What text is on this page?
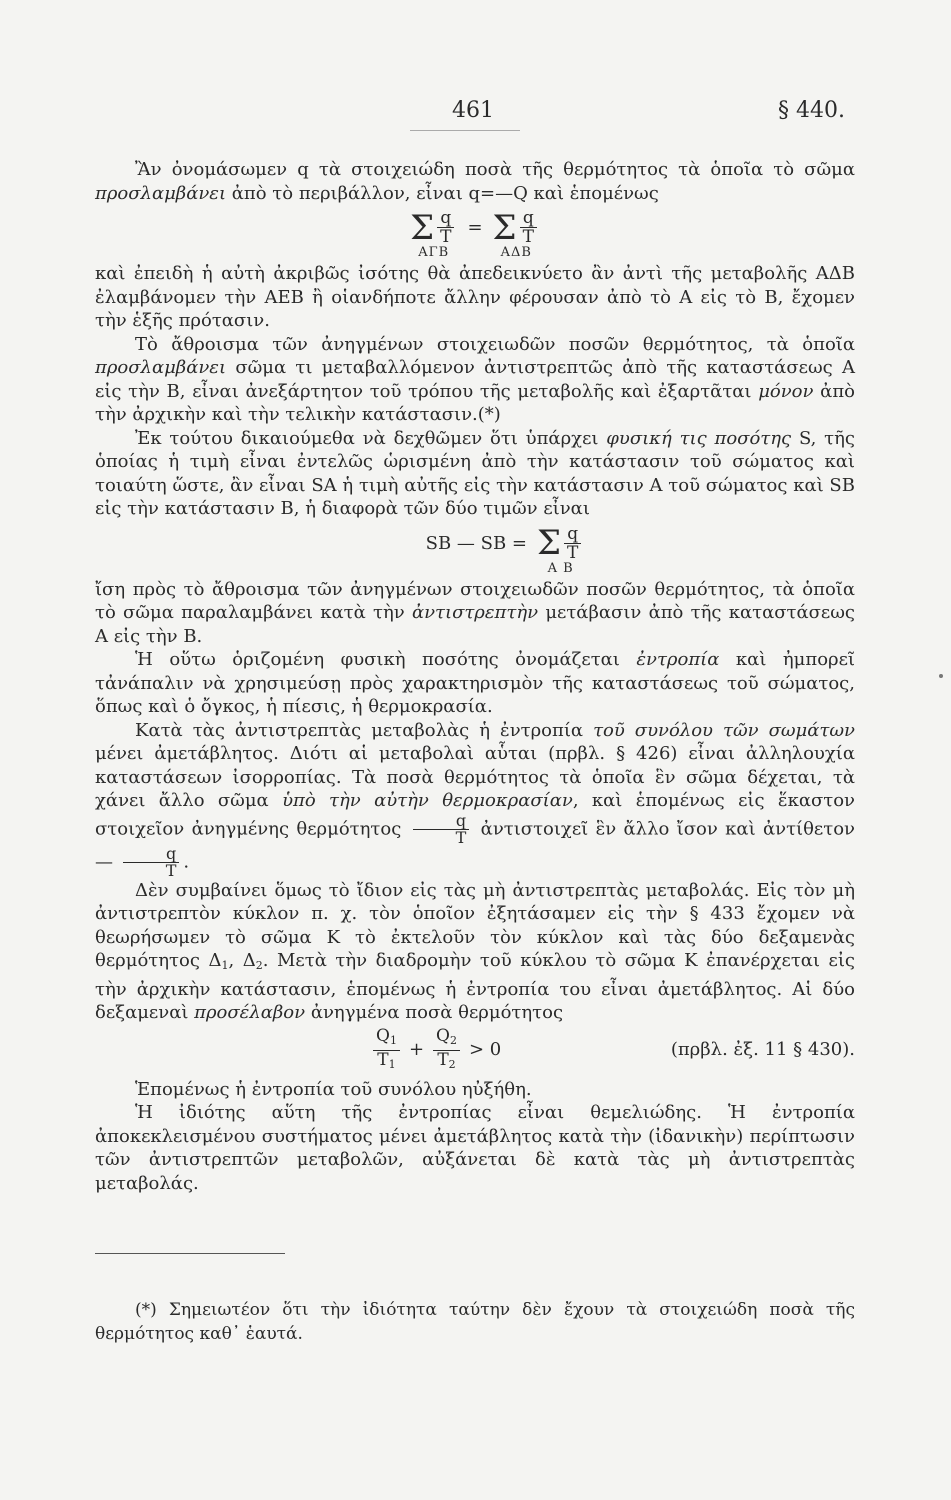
461	§ 440.

Ἂν ὀνομάσωμεν q τὰ στοιχειώδη ποσὰ τῆς θερμότητος τὰ ὁποῖα τὸ σῶμα προσλαμβάνει ἀπὸ τὸ περιβάλλον, εἶναι q=—Q καὶ ἑπομένως

Σ $\frac{q}{T}$
ΑΓΒ
= Σ $\frac{q}{T}$
ΑΔΒ

καὶ ἐπειδὴ ἡ αὐτὴ ἀκριβῶς ἰσότης θὰ ἀπεδεικνύετο ἂν ἀντὶ τῆς μεταβολῆς ΑΔΒ ἐλαμβάνομεν τὴν ΑΕΒ ἢ οἱανδήποτε ἄλλην φέρουσαν ἀπὸ τὸ Α εἰς τὸ Β, ἔχομεν τὴν ἑξῆς πρότασιν.

Τὸ ἄθροισμα τῶν ἀνηγμένων στοιχειωδῶν ποσῶν θερμότητος, τὰ ὁποῖα προσλαμβάνει σῶμα τι μεταβαλλόμενον ἀντιστρεπτῶς ἀπὸ τῆς καταστάσεως Α εἰς τὴν Β, εἶναι ἀνεξάρτητον τοῦ τρόπου τῆς μεταβολῆς καὶ ἐξαρτᾶται μόνον ἀπὸ τὴν ἀρχικὴν καὶ τὴν τελικὴν κατάστασιν.(*)

Ἐκ τούτου δικαιούμεθα νὰ δεχθῶμεν ὅτι ὑπάρχει φυσική τις ποσότης S, τῆς ὁποίας ἡ τιμὴ εἶναι ἐντελῶς ὡρισμένη ἀπὸ τὴν κατάστασιν τοῦ σώματος καὶ τοιαύτη ὥστε, ἂν εἶναι SA ἡ τιμὴ αὐτῆς εἰς τὴν κατάστασιν Α τοῦ σώματος καὶ SB εἰς τὴν κατάστασιν Β, ἡ διαφορὰ τῶν δύο τιμῶν εἶναι

SB — SB = Σ $\frac{q}{T}$
A B

ἴση πρὸς τὸ ἄθροισμα τῶν ἀνηγμένων στοιχειωδῶν ποσῶν θερμότητος, τὰ ὁποῖα τὸ σῶμα παραλαμβάνει κατὰ τὴν ἀντιστρεπτὴν μετάβασιν ἀπὸ τῆς καταστάσεως Α εἰς τὴν Β.

Ἡ οὕτω ὁριζομένη φυσικὴ ποσότης ὀνομάζεται ἐντροπία καὶ ἠμπορεῖ τἀνάπαλιν νὰ χρησιμεύσῃ πρὸς χαρακτηρισμὸν τῆς καταστάσεως τοῦ σώματος, ὅπως καὶ ὁ ὄγκος, ἡ πίεσις, ἡ θερμοκρασία.

Κατὰ τὰς ἀντιστρεπτὰς μεταβολὰς ἡ ἐντροπία τοῦ συνόλου τῶν σωμάτων μένει ἀμετάβλητος. Διότι αἱ μεταβολαὶ αὗται (πρβλ. § 426) εἶναι ἀλληλουχία καταστάσεων ἰσορροπίας. Τὰ ποσὰ θερμότητος τὰ ὁποῖα ἓν σῶμα δέχεται, τὰ χάνει ἄλλο σῶμα ὑπὸ τὴν αὐτὴν θερμοκρασίαν, καὶ ἑπομένως εἰς ἕκαστον στοιχεῖον ἀνηγμένης θερμότητος $\frac{q}{T}$ ἀντιστοιχεῖ ἓν ἄλλο ἴσον καὶ ἀντίθετον — $\frac{q}{T}$ .

Δὲν συμβαίνει ὅμως τὸ ἴδιον εἰς τὰς μὴ ἀντιστρεπτὰς μεταβολάς. Εἰς τὸν μὴ ἀντιστρεπτὸν κύκλον π. χ. τὸν ὁποῖον ἐξητάσαμεν εἰς τὴν § 433 ἔχομεν νὰ θεωρήσωμεν τὸ σῶμα Κ τὸ ἐκτελοῦν τὸν κύκλον καὶ τὰς δύο δεξαμενὰς θερμότητος Δ1, Δ2. Μετὰ τὴν διαδρομὴν τοῦ κύκλου τὸ σῶμα Κ ἐπανέρχεται εἰς τὴν ἀρχικὴν κατάστασιν, ἑπομένως ἡ ἐντροπία του εἶναι ἀμετάβλητος. Αἱ δύο δεξαμεναὶ προσέλαβον ἀνηγμένα ποσὰ θερμότητος

$\frac{Q1}{T1} + \frac{Q2}{T2} > 0$	(πρβλ. ἐξ. 11 § 430).

Ἑπομένως ἡ ἐντροπία τοῦ συνόλου ηὐξήθη.

Ἡ ἰδιότης αὕτη τῆς ἐντροπίας εἶναι θεμελιώδης. Ἡ ἐντροπία ἀποκεκλεισμένου συστήματος μένει ἀμετάβλητος κατὰ τὴν (ἰδανικὴν) περίπτωσιν τῶν ἀντιστρεπτῶν μεταβολῶν, αὐξάνεται δὲ κατὰ τὰς μὴ ἀντιστρεπτὰς μεταβολάς.

(*) Σημειωτέον ὅτι τὴν ἰδιότητα ταύτην δὲν ἔχουν τὰ στοιχειώδη ποσὰ τῆς θερμότητος καθ᾿ ἑαυτά.
